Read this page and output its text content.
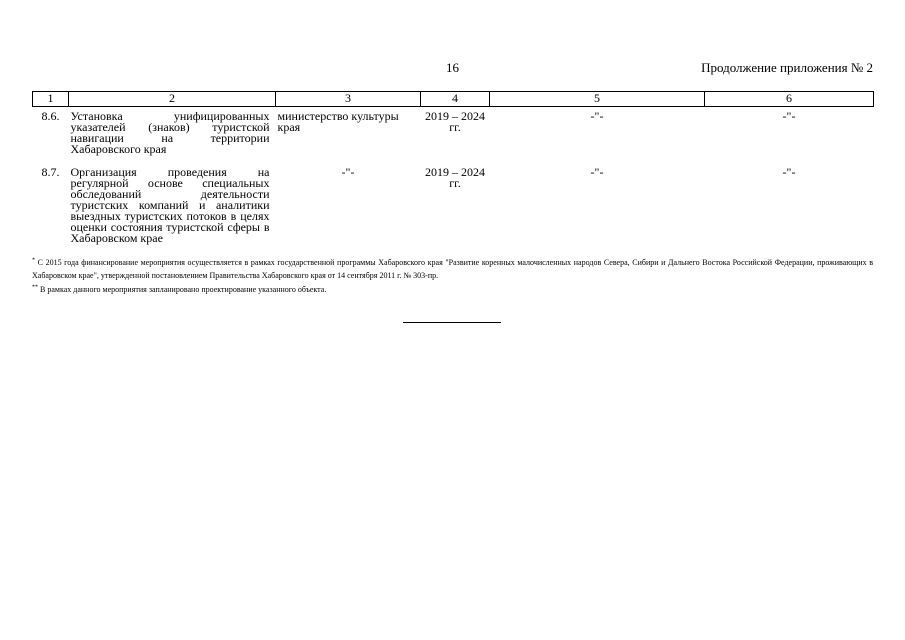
16	Продолжение приложения № 2
1	2	3	4	5	6
8.6.	Установка унифицированных указателей (знаков) туристской навигации на территории Хабаровского края	министерство культуры края	2019 – 2024 гг.	-"-	-"-
8.7.	Организация проведения на регулярной основе специальных обследований деятельности туристских компаний и аналитики выездных туристских потоков в целях оценки состояния туристской сферы в Хабаровском крае	-"-	2019 – 2024 гг.	-"-	-"-
* С 2015 года финансирование мероприятия осуществляется в рамках государственной программы Хабаровского края "Развитие коренных малочисленных народов Севера, Сибири и Дальнего Востока Российской Федерации, проживающих в Хабаровском крае", утвержденной постановлением Правительства Хабаровского края от 14 сентября 2011 г. № 303-пр.
** В рамках данного мероприятия запланировано проектирование указанного объекта.
